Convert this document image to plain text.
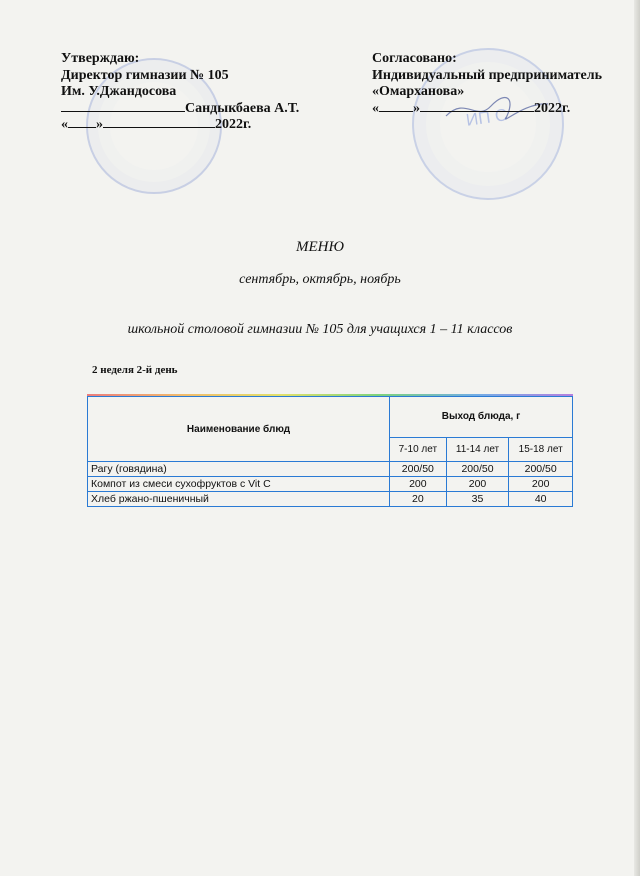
ИП С
Утверждаю:
Директор гимназии № 105
Им. У.Джандосова
Сандыкбаева А.Т.
« »	2022г.
Согласовано:
Индивидуальный предприниматель
«Омарханова»
« »	2022г.
МЕНЮ
сентябрь, октябрь, ноябрь
школьной столовой гимназии № 105 для учащихся 1 – 11 классов
2 неделя 2-й день
Наименование блюд	Выход блюда, г		
	7-10 лет	11-14 лет	15-18 лет
Рагу (говядина)	200/50	200/50	200/50
Компот из смеси сухофруктов с Vit C	200	200	200
Хлеб ржано-пшеничный	20	35	40
